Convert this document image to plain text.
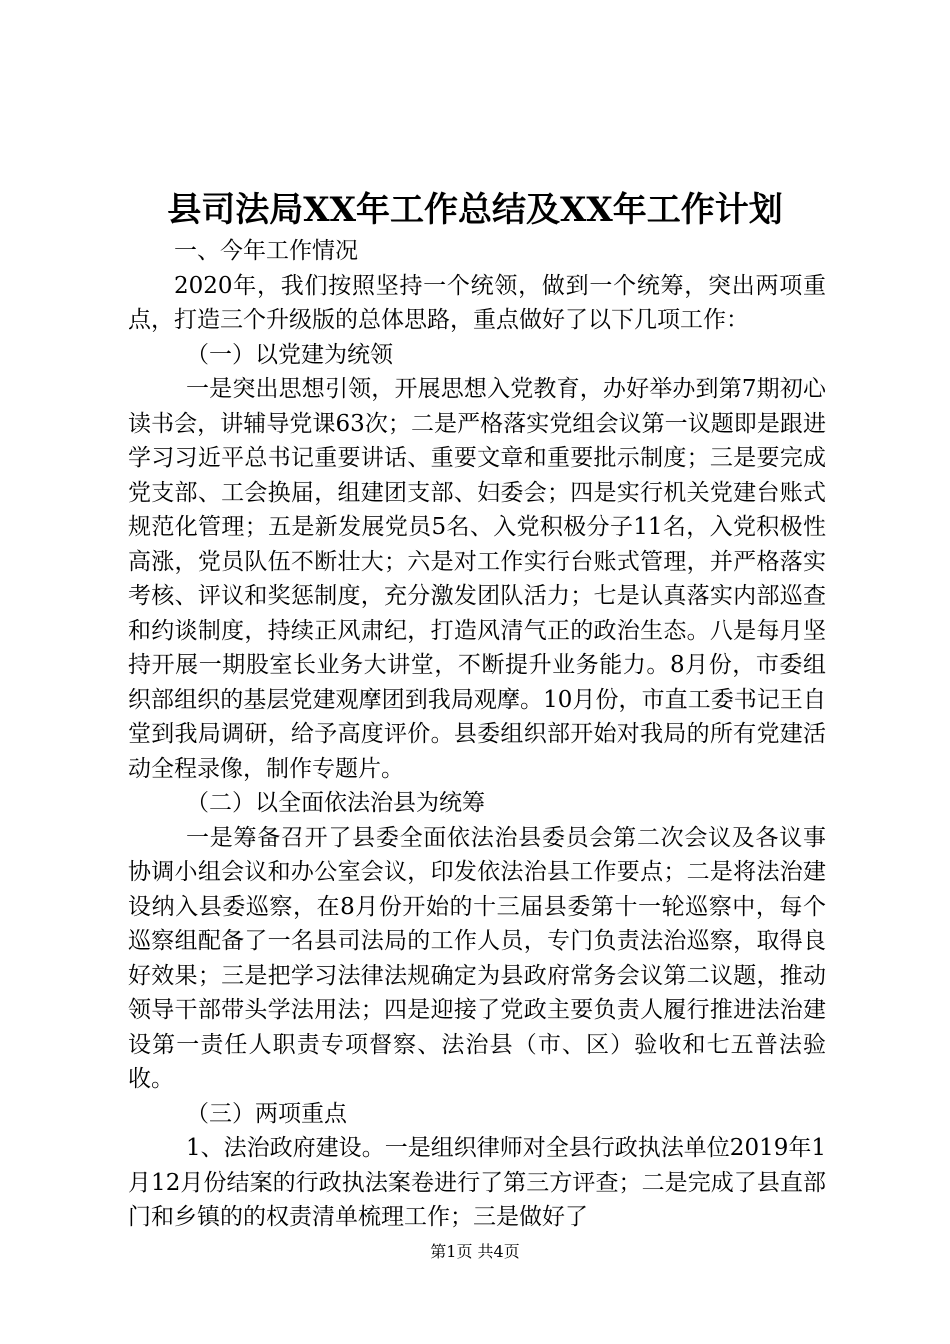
县司法局XX年工作总结及XX年工作计划

一、今年工作情况

2020年，我们按照坚持一个统领，做到一个统筹，突出两项重点，打造三个升级版的总体思路，重点做好了以下几项工作：

（一）以党建为统领

一是突出思想引领，开展思想入党教育，办好举办到第7期初心读书会，讲辅导党课63次；二是严格落实党组会议第一议题即是跟进学习习近平总书记重要讲话、重要文章和重要批示制度；三是要完成党支部、工会换届，组建团支部、妇委会；四是实行机关党建台账式规范化管理；五是新发展党员5名、入党积极分子11名，入党积极性高涨，党员队伍不断壮大；六是对工作实行台账式管理，并严格落实考核、评议和奖惩制度，充分激发团队活力；七是认真落实内部巡查和约谈制度，持续正风肃纪，打造风清气正的政治生态。八是每月坚持开展一期股室长业务大讲堂，不断提升业务能力。8月份，市委组织部组织的基层党建观摩团到我局观摩。10月份，市直工委书记王自堂到我局调研，给予高度评价。县委组织部开始对我局的所有党建活动全程录像，制作专题片。

（二）以全面依法治县为统筹

一是筹备召开了县委全面依法治县委员会第二次会议及各议事协调小组会议和办公室会议，印发依法治县工作要点；二是将法治建设纳入县委巡察，在8月份开始的十三届县委第十一轮巡察中，每个巡察组配备了一名县司法局的工作人员，专门负责法治巡察，取得良好效果；三是把学习法律法规确定为县政府常务会议第二议题，推动领导干部带头学法用法；四是迎接了党政主要负责人履行推进法治建设第一责任人职责专项督察、法治县（市、区）验收和七五普法验收。

（三）两项重点

1、法治政府建设。一是组织律师对全县行政执法单位2019年1月12月份结案的行政执法案卷进行了第三方评查；二是完成了县直部门和乡镇的的权责清单梳理工作；三是做好了

第1页 共4页
